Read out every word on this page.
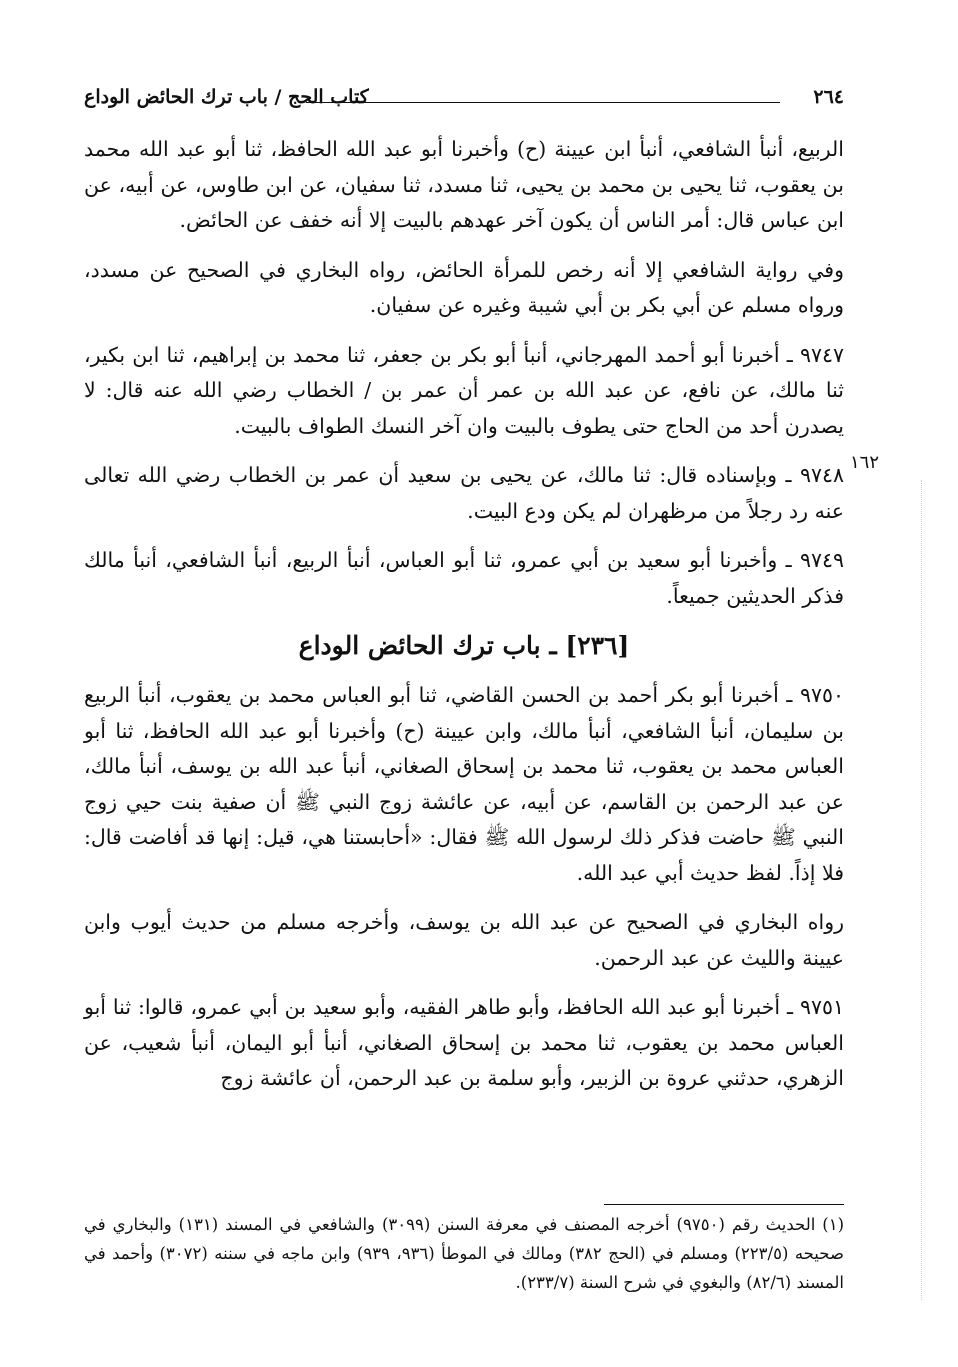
٢٦٤
كتاب الحج / باب ترك الحائض الوداع

الربيع، أنبأ الشافعي، أنبأ ابن عيينة (ح) وأخبرنا أبو عبد الله الحافظ، ثنا أبو عبد الله محمد بن يعقوب، ثنا يحيى بن محمد بن يحيى، ثنا مسدد، ثنا سفيان، عن ابن طاوس، عن أبيه، عن ابن عباس قال: أمر الناس أن يكون آخر عهدهم بالبيت إلا أنه خفف عن الحائض.

وفي رواية الشافعي إلا أنه رخص للمرأة الحائض، رواه البخاري في الصحيح عن مسدد، ورواه مسلم عن أبي بكر بن أبي شيبة وغيره عن سفيان.

٩٧٤٧ ـ أخبرنا أبو أحمد المهرجاني، أنبأ أبو بكر بن جعفر، ثنا محمد بن إبراهيم، ثنا ابن بكير، ثنا مالك، عن نافع، عن عبد الله بن عمر أن عمر بن / الخطاب رضي الله عنه قال: لا يصدرن أحد من الحاج حتى يطوف بالبيت وان آخر النسك الطواف بالبيت.

٩٧٤٨ ـ وبإسناده قال: ثنا مالك، عن يحيى بن سعيد أن عمر بن الخطاب رضي الله تعالى عنه رد رجلاً من مرظهران لم يكن ودع البيت.

٩٧٤٩ ـ وأخبرنا أبو سعيد بن أبي عمرو، ثنا أبو العباس، أنبأ الربيع، أنبأ الشافعي، أنبأ مالك فذكر الحديثين جميعاً.

[٢٣٦] ـ باب ترك الحائض الوداع

٩٧٥٠ ـ أخبرنا أبو بكر أحمد بن الحسن القاضي، ثنا أبو العباس محمد بن يعقوب، أنبأ الربيع بن سليمان، أنبأ الشافعي، أنبأ مالك، وابن عيينة (ح) وأخبرنا أبو عبد الله الحافظ، ثنا أبو العباس محمد بن يعقوب، ثنا محمد بن إسحاق الصغاني، أنبأ عبد الله بن يوسف، أنبأ مالك، عن عبد الرحمن بن القاسم، عن أبيه، عن عائشة زوج النبي ﷺ أن صفية بنت حيي زوج النبي ﷺ حاضت فذكر ذلك لرسول الله ﷺ فقال: «أحابستنا هي، قيل: إنها قد أفاضت قال: فلا إذاً. لفظ حديث أبي عبد الله.

رواه البخاري في الصحيح عن عبد الله بن يوسف، وأخرجه مسلم من حديث أيوب وابن عيينة والليث عن عبد الرحمن.

٩٧٥١ ـ أخبرنا أبو عبد الله الحافظ، وأبو طاهر الفقيه، وأبو سعيد بن أبي عمرو، قالوا: ثنا أبو العباس محمد بن يعقوب، ثنا محمد بن إسحاق الصغاني، أنبأ أبو اليمان، أنبأ شعيب، عن الزهري، حدثني عروة بن الزبير، وأبو سلمة بن عبد الرحمن، أن عائشة زوج

١٦٢
(١) الحديث رقم (٩٧٥٠) أخرجه المصنف في معرفة السنن (٣٠٩٩) والشافعي في المسند (١٣١) والبخاري في صحيحه (٢٢٣/٥) ومسلم في (الحج ٣٨٢) ومالك في الموطأ (٩٣٦، ٩٣٩) وابن ماجه في سننه (٣٠٧٢) وأحمد في المسند (٨٢/٦) والبغوي في شرح السنة (٢٣٣/٧).
